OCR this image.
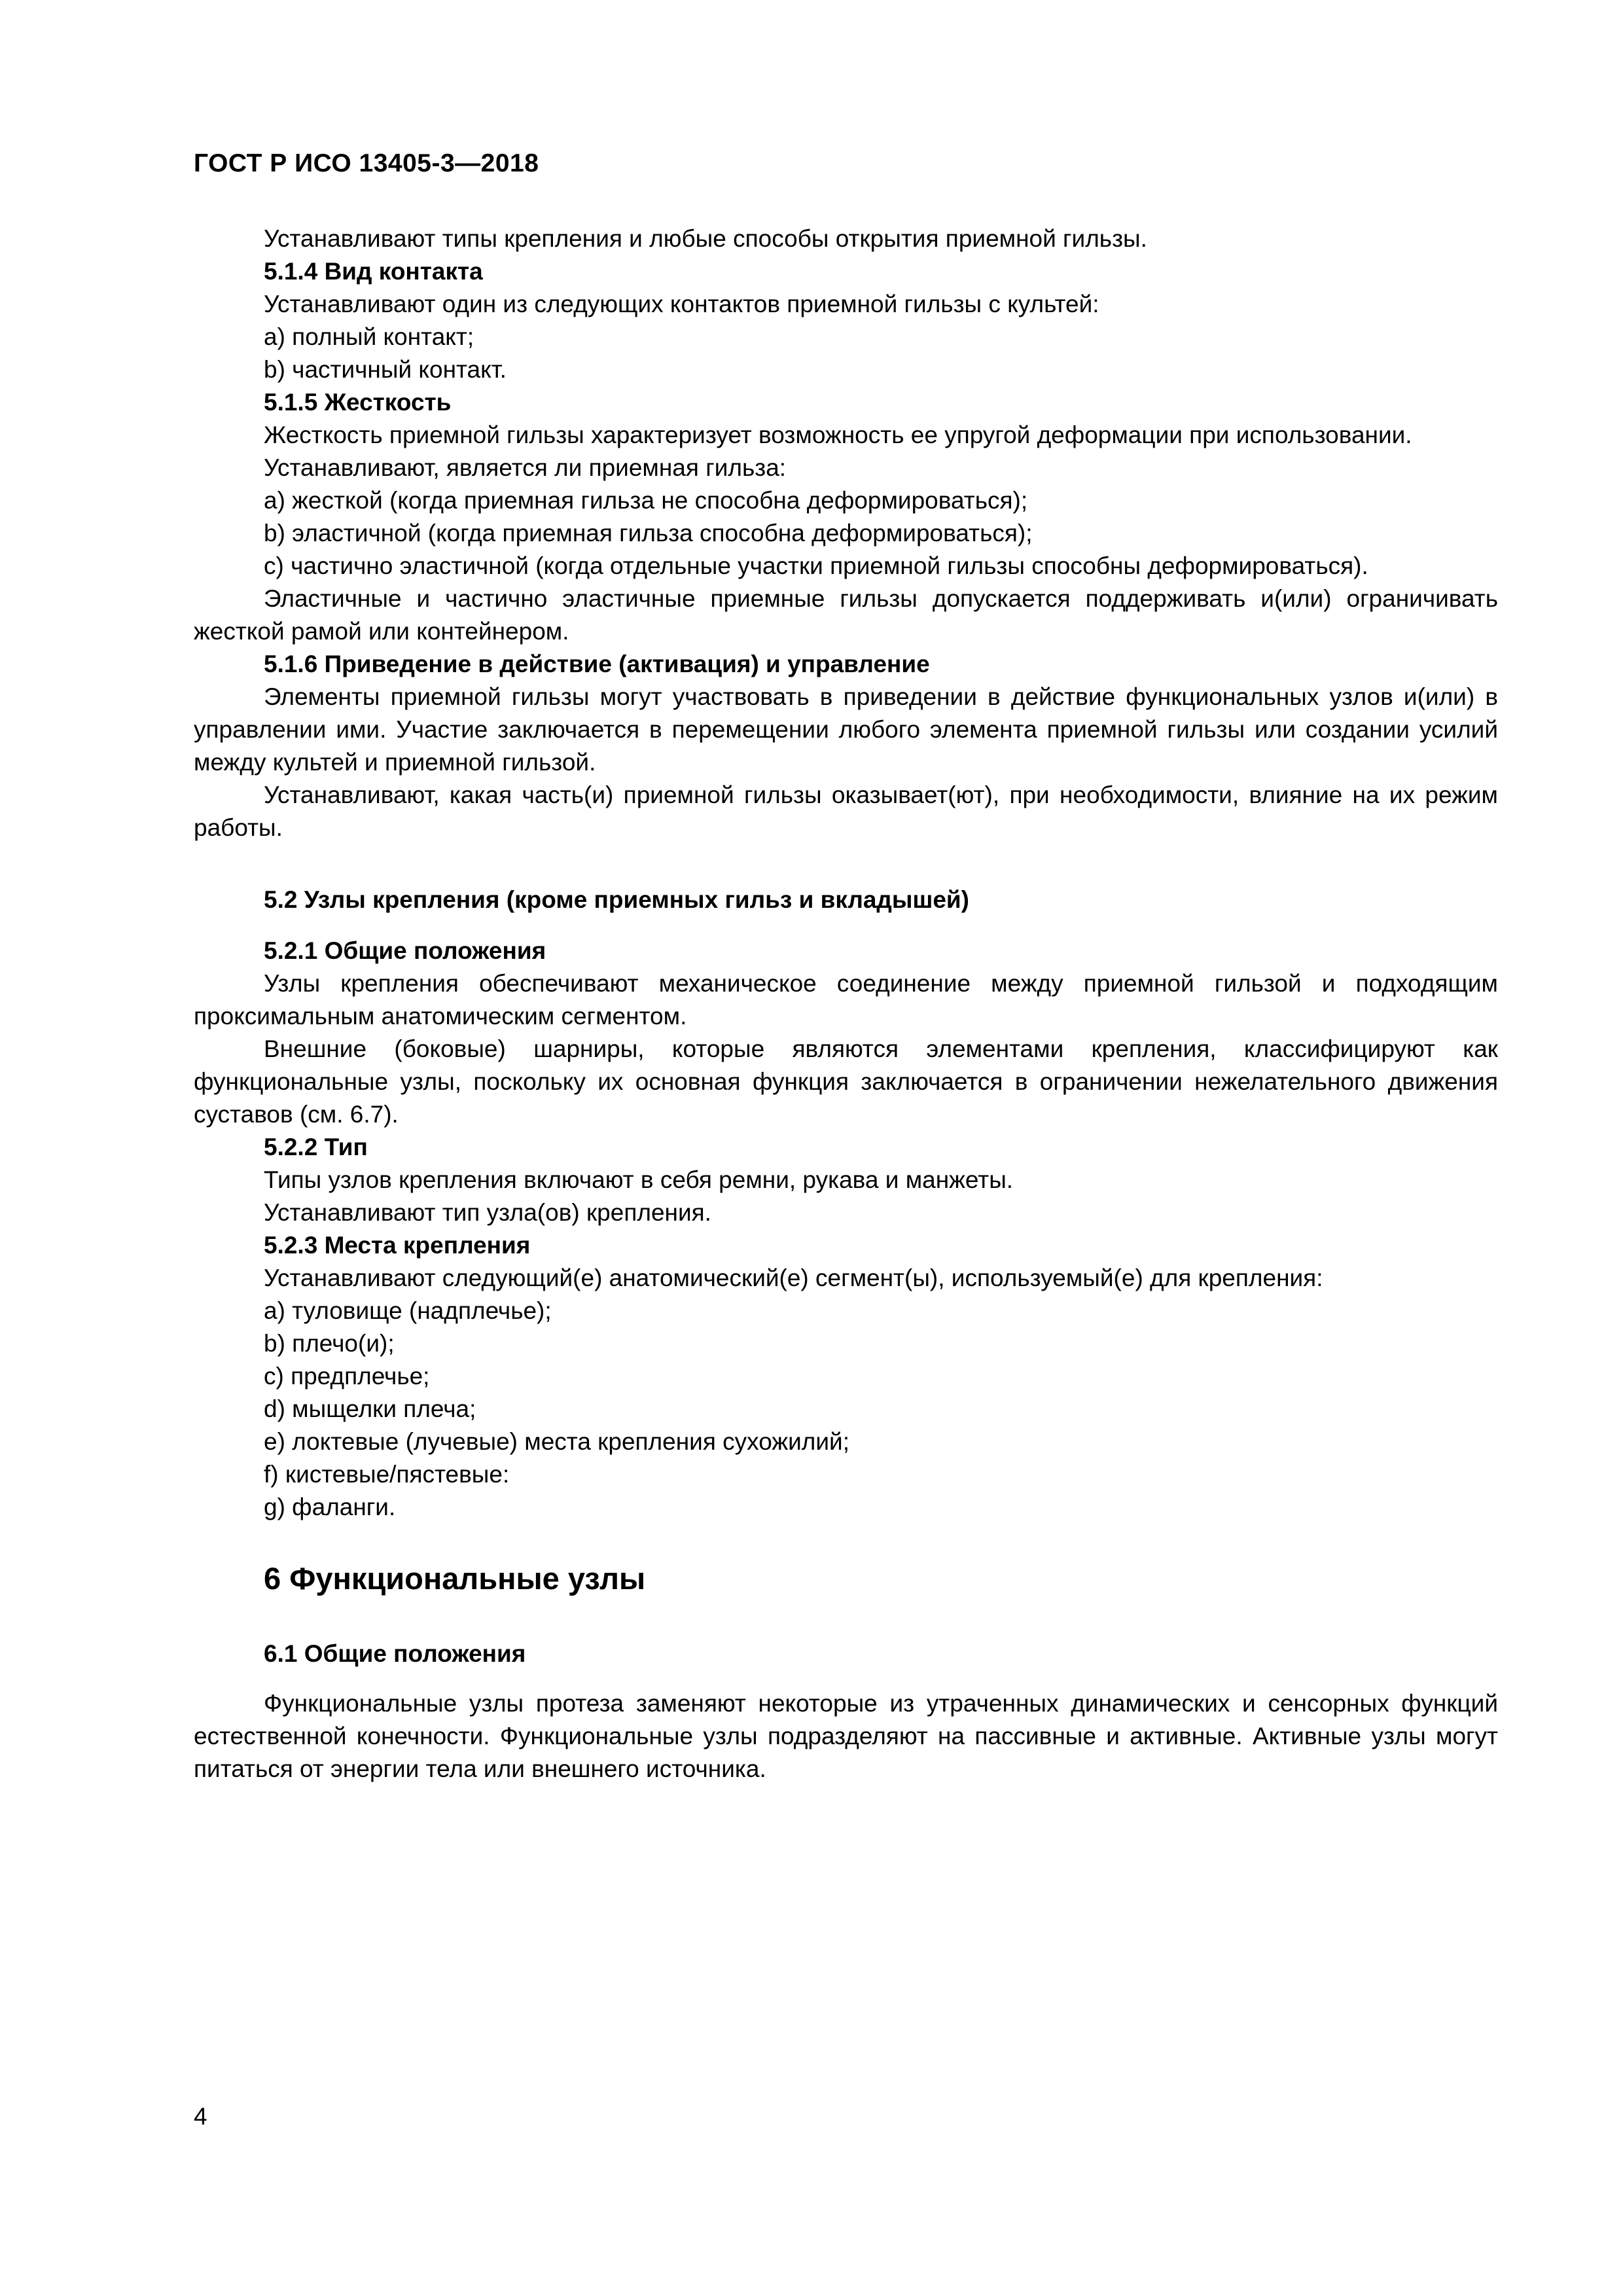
ГОСТ Р ИСО 13405-3—2018
Устанавливают типы крепления и любые способы открытия приемной гильзы.
5.1.4 Вид контакта
Устанавливают один из следующих контактов приемной гильзы с культей:
a) полный контакт;
b) частичный контакт.
5.1.5 Жесткость
Жесткость приемной гильзы характеризует возможность ее упругой деформации при использовании.
Устанавливают, является ли приемная гильза:
a) жесткой (когда приемная гильза не способна деформироваться);
b) эластичной (когда приемная гильза способна деформироваться);
c) частично эластичной (когда отдельные участки приемной гильзы способны деформироваться).
Эластичные и частично эластичные приемные гильзы допускается поддерживать и(или) ограничивать жесткой рамой или контейнером.
5.1.6 Приведение в действие (активация) и управление
Элементы приемной гильзы могут участвовать в приведении в действие функциональных узлов и(или) в управлении ими. Участие заключается в перемещении любого элемента приемной гильзы или создании усилий между культей и приемной гильзой.
Устанавливают, какая часть(и) приемной гильзы оказывает(ют), при необходимости, влияние на их режим работы.
5.2 Узлы крепления (кроме приемных гильз и вкладышей)
5.2.1 Общие положения
Узлы крепления обеспечивают механическое соединение между приемной гильзой и подходящим проксимальным анатомическим сегментом.
Внешние (боковые) шарниры, которые являются элементами крепления, классифицируют как функциональные узлы, поскольку их основная функция заключается в ограничении нежелательного движения суставов (см. 6.7).
5.2.2 Тип
Типы узлов крепления включают в себя ремни, рукава и манжеты.
Устанавливают тип узла(ов) крепления.
5.2.3 Места крепления
Устанавливают следующий(е) анатомический(е) сегмент(ы), используемый(е) для крепления:
a) туловище (надплечье);
b) плечо(и);
c) предплечье;
d) мыщелки плеча;
e) локтевые (лучевые) места крепления сухожилий;
f) кистевые/пястевые:
g) фаланги.
6 Функциональные узлы
6.1 Общие положения
Функциональные узлы протеза заменяют некоторые из утраченных динамических и сенсорных функций естественной конечности. Функциональные узлы подразделяют на пассивные и активные. Активные узлы могут питаться от энергии тела или внешнего источника.
4
